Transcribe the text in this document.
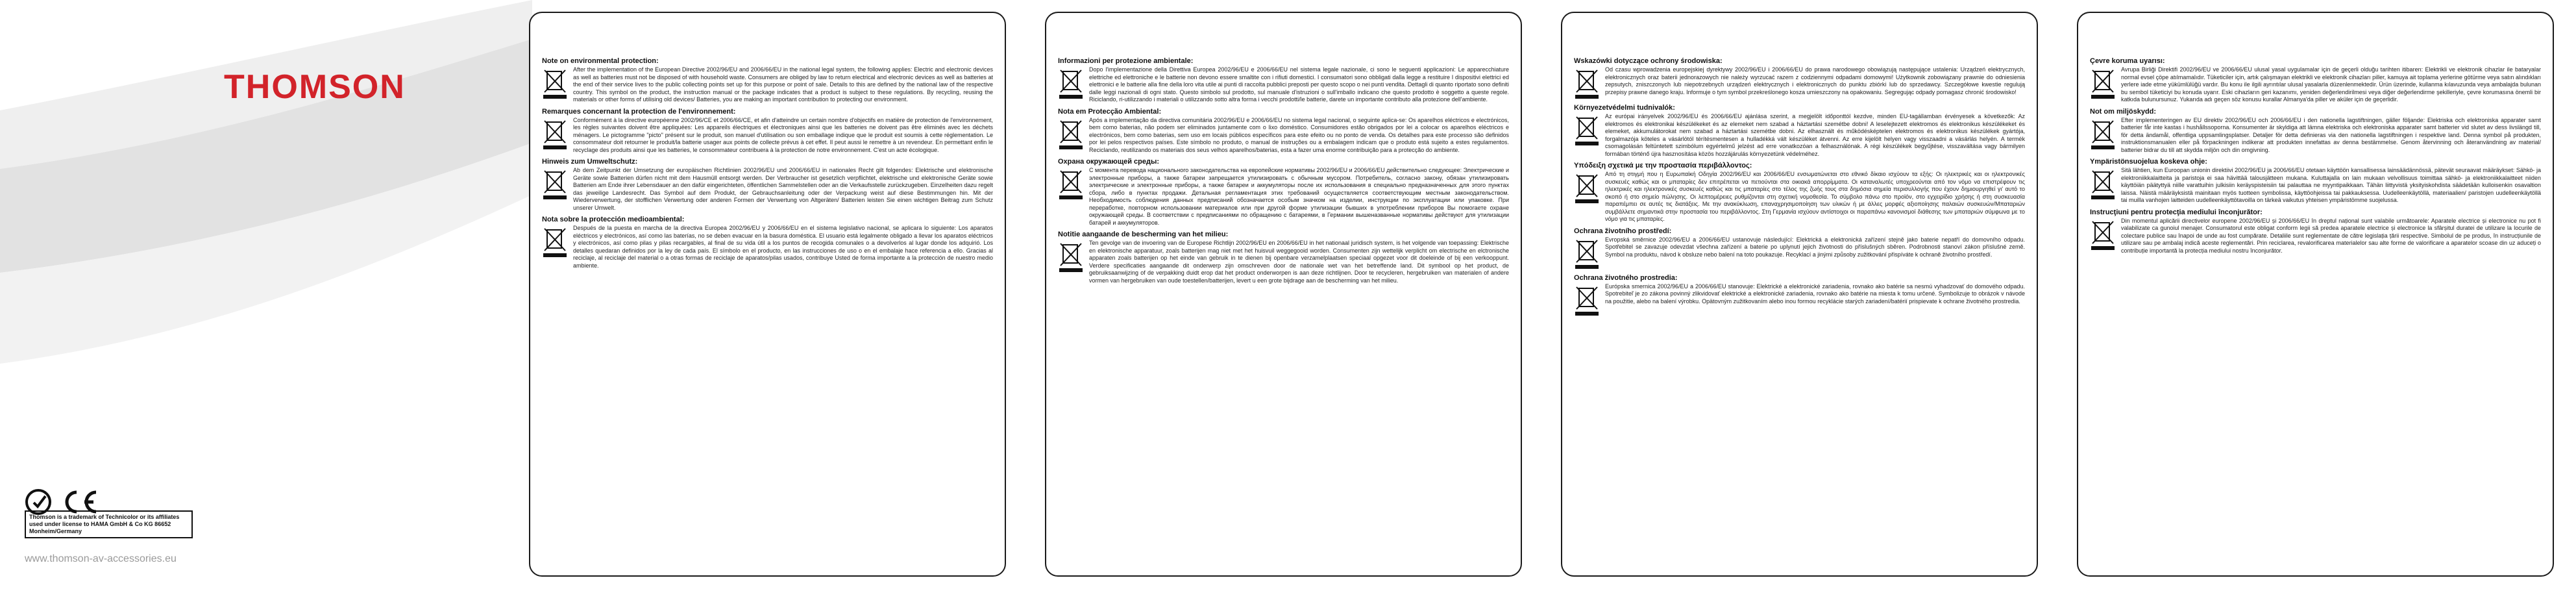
THOMSON
Thomson is a trademark of Technicolor or its affiliates used under license to HAMA GmbH & Co KG 86652 Monheim/Germany
www.thomson-av-accessories.eu
Note on environmental protection:
After the implementation of the European Directive 2002/96/EU and 2006/66/EU in the national legal system, the following applies: Electric and electronic devices as well as batteries must not be disposed of with household waste. Consumers are obliged by law to return electrical and electronic devices as well as batteries at the end of their service lives to the public collecting points set up for this purpose or point of sale. Details to this are defined by the national law of the respective country. This symbol on the product, the instruction manual or the package indicates that a product is subject to these regulations. By recycling, reusing the materials or other forms of utilising old devices/ Batteries, you are making an important contribution to protecting our environment.
Remarques concernant la protection de l'environnement:
Conformément à la directive européenne 2002/96/CE et 2006/66/CE, et afin d'atteindre un certain nombre d'objectifs en matière de protection de l'environnement, les règles suivantes doivent être appliquées: Les appareils électriques et électroniques ainsi que les batteries ne doivent pas être éliminés avec les déchets ménagers. Le pictogramme "picto" présent sur le produit, son manuel d'utilisation ou son emballage indique que le produit est soumis à cette réglementation. Le consommateur doit retourner le produit/la batterie usager aux points de collecte prévus à cet effet. Il peut aussi le remettre à un revendeur. En permettant enfin le recyclage des produits ainsi que les batteries, le consommateur contribuera à la protection de notre environnement. C'est un acte écologique.
Hinweis zum Umweltschutz:
Ab dem Zeitpunkt der Umsetzung der europäischen Richtlinien 2002/96/EU und 2006/66/EU in nationales Recht gilt folgendes: Elektrische und elektronische Geräte sowie Batterien dürfen nicht mit dem Hausmüll entsorgt werden. Der Verbraucher ist gesetzlich verpflichtet, elektrische und elektronische Geräte sowie Batterien am Ende ihrer Lebensdauer an den dafür eingerichteten, öffentlichen Sammelstellen oder an die Verkaufsstelle zurückzugeben. Einzelheiten dazu regelt das jeweilige Landesrecht. Das Symbol auf dem Produkt, der Gebrauchsanleitung oder der Verpackung weist auf diese Bestimmungen hin. Mit der Wiederverwertung, der stofflichen Verwertung oder anderen Formen der Verwertung von Altgeräten/ Batterien leisten Sie einen wichtigen Beitrag zum Schutz unserer Umwelt.
Nota sobre la protección medioambiental:
Después de la puesta en marcha de la directiva Europea 2002/96/EU y 2006/66/EU en el sistema legislativo nacional, se aplicara lo siguiente: Los aparatos eléctricos y electrónicos, así como las baterías, no se deben evacuar en la basura doméstica. El usuario está legalmente obligado a llevar los aparatos eléctricos y electrónicos, así como pilas y pilas recargables, al final de su vida útil a los puntos de recogida comunales o a devolverlos al lugar donde los adquirió. Los detalles quedaran definidos por la ley de cada país. El símbolo en el producto, en las instrucciones de uso o en el embalaje hace referencia a ello. Gracias al reciclaje, al reciclaje del material o a otras formas de reciclaje de aparatos/pilas usados, contribuye Usted de forma importante a la protección de nuestro medio ambiente.
Informazioni per protezione ambientale:
Dopo l'implementazione della Direttiva Europea 2002/96/EU e 2006/66/EU nel sistema legale nazionale, ci sono le seguenti applicazioni: Le apparecchiature elettriche ed elettroniche e le batterie non devono essere smaltite con i rifiuti domestici. I consumatori sono obbligati dalla legge a restituire I dispositivi elettrici ed elettronici e le batterie alla fine della loro vita utile ai punti di raccolta pubblici preposti per questo scopo o nei punti vendita. Dettagli di quanto riportato sono definiti dalle leggi nazionali di ogni stato. Questo simbolo sul prodotto, sul manuale d'istruzioni o sull'imballo indicano che questo prodotto è soggetto a queste regole. Riciclando, ri-utilizzando i materiali o utilizzando sotto altra forma i vecchi prodotti/le batterie, darete un importante contributo alla protezione dell'ambiente.
Nota em Protecção Ambiental:
Após a implementação da directiva comunitária 2002/96/EU e 2006/66/EU no sistema legal nacional, o seguinte aplica-se: Os aparelhos eléctricos e electrónicos, bem como baterias, não podem ser eliminados juntamente com o lixo doméstico. Consumidores estão obrigados por lei a colocar os aparelhos eléctricos e electrónicos, bem como baterias, sem uso em locais públicos específicos para este efeito ou no ponto de venda. Os detalhes para este processo são definidos por lei pelos respectivos países. Este símbolo no produto, o manual de instruções ou a embalagem indicam que o produto está sujeito a estes regulamentos. Reciclando, reutilizando os materiais dos seus velhos aparelhos/baterias, esta a fazer uma enorme contribuição para a protecção do ambiente.
Охрана окружающей среды:
С момента перевода национального законодательства на европейские нормативы 2002/96/EU и 2006/66/EU действительно следующее: Электрические и электронные приборы, а также батареи запрещается утилизировать с обычным мусором. Потребитель, согласно закону, обязан утилизировать электрические и электронные приборы, а также батареи и аккумуляторы после их использования в специально предназначенных для этого пунктах сбора, либо в пунктах продажи. Детальная регламентация этих требований осуществляется соответствующим местным законодательством. Необходимость соблюдения данных предписаний обозначается особым значком на изделии, инструкции по эксплуатации или упаковке. При переработке, повторном использовании материалов или при другой форме утилизации бывших в употреблении приборов Вы помогаете охране окружающей среды. В соответствии с предписаниями по обращению с батареями, в Германии вышеназванные нормативы действуют для утилизации батарей и аккумуляторов.
Notitie aangaande de bescherming van het milieu:
Ten gevolge van de invoering van de Europese Richtlijn 2002/96/EU en 2006/66/EU in het nationaal juridisch system, is het volgende van toepassing: Elektrische en elektronische apparatuur, zoals batterijen mag niet met het huisvuil weggegooid worden. Consumenten zijn wettelijk verplicht om electrische en elctronische apparaten zoals batterijen op het einde van gebruik in te dienen bij openbare verzamelplaatsen speciaal opgezet voor dit doeleinde of bij een verkooppunt. Verdere specificaties aangaande dit onderwerp zijn omschreven door de nationale wet van het betreffende land. Dit symbool op het product, de gebruiksaanwijzing of de verpakking duidt erop dat het product onderworpen is aan deze richtlijnen. Door te recycleren, hergebruiken van materialen of andere vormen van hergebruiken van oude toestellen/batterijen, levert u een grote bijdrage aan de bescherming van het milieu.
Wskazówki dotyczące ochrony środowiska:
Od czasu wprowadzenia europejskiej dyrektywy 2002/96/EU i 2006/66/EU do prawa narodowego obowiązują następujące ustalenia: Urządzeń elektrycznych, elektronicznych oraz baterii jednorazowych nie należy wyrzucać razem z codziennymi odpadami domowymi! Użytkownik zobowiązany prawnie do odniesienia zepsutych, zniszczonych lub niepotrzebnych urządzeń elektrycznych i elektronicznych do punktu zbiórki lub do sprzedawcy. Szczegółowe kwestie regulują przepisy prawne danego kraju. Informuje o tym symbol przekreślonego kosza umieszczony na opakowaniu. Segregując odpady pomagasz chronić środowisko!
Környezetvédelmi tudnivalók:
Az európai irányelvek 2002/96/EU és 2006/66/EU ajánlása szerint, a megjelölt időponttól kezdve, minden EU-tagállamban érvényesek a következők: Az elektromos és elektronikai készülékeket és az elemeket nem szabad a háztartási szemétbe dobni! A leselejtezett elektromos és elektronikus készülékeket és elemeket, akkumulátorokat nem szabad a háztartási szemétbe dobni. Az elhasznált és működésképtelen elektromos és elektronikus készülékek gyártója, forgalmazója köteles a vásárlótól térítésmentesen a hulladékká vált készüléket átvenni. Az erre kijelölt helyen vagy visszaadni a vásárlás helyén. A termék csomagolásán feltüntetett szimbólum egyértelmű jelzést ad erre vonatkozóan a felhasználónak. A régi készülékek begyűjtése, visszaváltása vagy bármilyen formában történő újra hasznosítása közös hozzájárulás környezetünk védelméhez.
Υπόδειξη σχετικά με την προστασία περιβάλλοντος:
Από τη στιγμή που η Ευρωπαϊκή Οδηγία 2002/96/EU και 2006/66/EU ενσωματώνεται στο εθνικό δίκαιο ισχύουν τα εξής: Οι ηλεκτρικές και οι ηλεκτρονικές συσκευές καθώς και οι μπαταρίες δεν επιτρέπεται να πετιούνται στα οικιακά απορρίμματα. Οι καταναλωτές υποχρεούνται από τον νόμο να επιστρέφουν τις ηλεκτρικές και ηλεκτρονικές συσκευές καθώς και τις μπαταρίες στο τέλος της ζωής τους στα δημόσια σημεία περισυλλογής που έχουν δημιουργηθεί γι' αυτό το σκοπό ή στο σημείο πώλησης. Οι λεπτομέρειες ρυθμίζονται στη σχετική νομοθεσία. Το σύμβολο πάνω στο προϊόν, στο εγχειρίδιο χρήσης ή στη συσκευασία παραπέμπει σε αυτές τις διατάξεις. Με την ανακύκλωση, επαναχρησιμοποίηση των υλικών ή με άλλες μορφές αξιοποίησης παλαιών συσκευών/Μπαταριών συμβάλλετε σημαντικά στην προστασία του περιβάλλοντος. Στη Γερμανία ισχύουν αντίστοιχοι οι παραπάνω κανονισμοί διάθεσης των μπαταριών σύμφωνα με το νόμο για τις μπαταρίες.
Ochrana životního prostředí:
Evropská směrnice 2002/96/EU a 2006/66/EU ustanovuje následující: Elektrická a elektronická zařízení stejně jako baterie nepatří do domovního odpadu. Spotřebitel se zavazuje odevzdat všechna zařízení a baterie po uplynutí jejich životnosti do příslušných sběren. Podrobnosti stanoví zákon příslušné země. Symbol na produktu, návod k obsluze nebo balení na toto poukazuje. Recyklací a jinými způsoby zužitkování přispíváte k ochraně životního prostředí.
Ochrana životného prostredia:
Európska smernica 2002/96/EU a 2006/66/EU stanovuje: Elektrické a elektronické zariadenia, rovnako ako batérie sa nesmú vyhadzovať do domového odpadu. Spotrebiteľ je zo zákona povinný zlikvidovať elektrické a elektronické zariadenia, rovnako ako batérie na miesta k tomu určené. Symbolizuje to obrázok v návode na použitie, alebo na balení výrobku. Opätovným zužitkovaním alebo inou formou recyklácie starých zariadení/batérií prispievate k ochrane životného prostredia.
Çevre koruma uyarısı:
Avrupa Birliği Direktifi 2002/96/EU ve 2006/66/EU ulusal yasal uygulamalar için de geçerli olduğu tarihten itibaren: Elektrikli ve elektronik cihazlar ile bataryalar normal evsel çöpe atılmamalıdır. Tüketiciler için, artık çalışmayan elektrikli ve elektronik cihazları piller, kamuya ait toplama yerlerine götürme veya satın alındıkları yerlere iade etme yükümlülüğü vardır. Bu konu ile ilgili ayrıntılar ulusal yasalarla düzenlenmektedir. Ürün üzerinde, kullanma kılavuzunda veya ambalajda bulunan bu sembol tüketiciyi bu konuda uyarır. Eski cihazların geri kazanımı, yeniden değerlendirilmesi veya diğer değerlendirme şekilleriyle, çevre korumasına önemli bir katkıda bulunursunuz. Yukarıda adı geçen söz konusu kurallar Almanya'da piller ve aküler için de geçerlidir.
Not om miljöskydd:
Efter implementeringen av EU direktiv 2002/96/EU och 2006/66/EU i den nationella lagstiftningen, gäller följande: Elektriska och elektroniska apparater samt batterier får inte kastas i hushållssoporna. Konsumenter är skyldiga att lämna elektriska och elektroniska apparater samt batterier vid slutet av dess livslängd till, för detta ändamål, offentliga uppsamlingsplatser. Detaljer för detta definieras via den nationella lagstiftningen i respektive land. Denna symbol på produkten, instruktionsmanualen eller på förpackningen indikerar att produkten innefattas av denna bestämmelse. Genom återvinning och återanvändning av material/ batterier bidrar du till att skydda miljön och din omgivning.
Ympäristönsuojelua koskeva ohje:
Sitä lähtien, kun Euroopan unionin direktiivi 2002/96/EU ja 2006/66/EU otetaan käyttöön kansallisessa lainsäädännössä, pätevät seuraavat määräykset: Sähkö- ja elektroniikkalaitteita ja paristoja ei saa hävittää talousjätteen mukana. Kuluttajalla on lain mukaan velvollisuus toimittaa sähkö- ja elektroniikkalaitteet niiden käyttöiän päätyttyä niille varattuihin julkisiin keräyspisteisiin tai palauttaa ne myyntipaikkaan. Tähän liittyvistä yksityiskohdista säädetään kulloisenkin osavaltion laissa. Näistä määräyksistä mainitaan myös tuotteen symbolissa, käyttöohjeissa tai pakkauksessa. Uudelleenkäytöllä, materiaalien/ paristojen uudelleenkäytöllä tai muilla vanhojen laitteiden uudelleenkäyttötavoilla on tärkeä vaikutus yhteisen ympäristömme suojelussa.
Instrucţiuni pentru protecţia mediului înconjurător:
Din momentul aplicării directivelor europene 2002/96/EU și 2006/66/EU în dreptul național sunt valabile următoarele: Aparatele electrice și electronice nu pot fi valabilizate ca gunoiul menajer. Consumatorul este obligat conform legii să predea aparatele electrice și electronice la sfârșitul duratei de utilizare la locurile de colectare publice sau înapoi de unde au fost cumpărate. Detaliile sunt reglementate de către legislația țării respective. Simbolul de pe produs, în instrucțiunile de utilizare sau pe ambalaj indică aceste reglementări. Prin reciclarea, revalorificarea materialelor sau alte forme de valorificare a aparatelor scoase din uz aduceți o contribuție importantă la protecția mediului nostru înconjurător.
